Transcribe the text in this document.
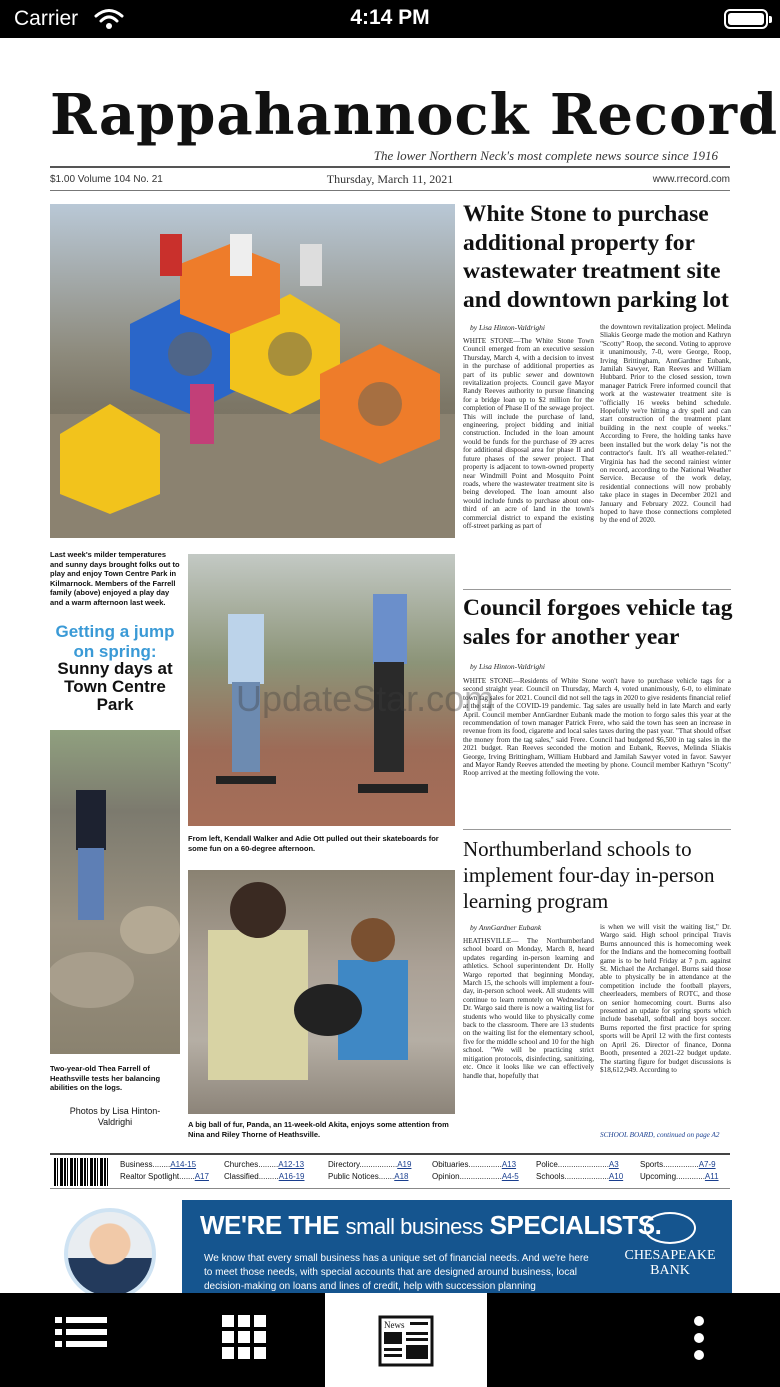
Carrier	4:14 PM
Rappahannock Record
The lower Northern Neck's most complete news source since 1916
$1.00 Volume 104 No. 21	Thursday, March 11, 2021	www.rrecord.com
Last week's milder temperatures and sunny days brought folks out to play and enjoy Town Centre Park in Kilmarnock. Members of the Farrell family (above) enjoyed a play day and a warm afternoon last week.
Getting a jump on spring:
Sunny days at Town Centre Park
From left, Kendall Walker and Adie Ott pulled out their skateboards for some fun on a 60-degree afternoon.
Two-year-old Thea Farrell of Heathsville tests her balancing abilities on the logs.
Photos by Lisa Hinton-Valdrighi	A big ball of fur, Panda, an 11-week-old Akita, enjoys some attention from Nina and Riley Thorne of Heathsville.
White Stone to purchase additional property for wastewater treatment site and downtown parking lot
by Lisa Hinton-Valdrighi
WHITE STONE—The White Stone Town Council emerged from an executive session Thursday, March 4, with a decision to invest in the purchase of additional properties as part of its public sewer and downtown revitalization projects. Council gave Mayor Randy Reeves authority to pursue financing for a bridge loan up to $2 million for the completion of Phase II of the sewage project. This will include the purchase of land, engineering, project bidding and initial construction. Included in the loan amount would be funds for the purchase of 39 acres for additional disposal area for phase II and future phases of the sewer project. That property is adjacent to town-owned property near Windmill Point and Mosquito Point roads, where the wastewater treatment site is being developed. The loan amount also would include funds to purchase about one-third of an acre of land in the town's commercial district to expand the existing off-street parking as part of
the downtown revitalization project. Melinda Sliakis George made the motion and Kathryn "Scotty" Roop, the second. Voting to approve it unanimously, 7-0, were George, Roop, Irving Brittingham, AnnGardner Eubank, Jamilah Sawyer, Ran Reeves and William Hubbard. Prior to the closed session, town manager Patrick Frere informed council that work at the wastewater treatment site is "officially 16 weeks behind schedule. Hopefully we're hitting a dry spell and can start construction of the treatment plant building in the next couple of weeks." According to Frere, the holding tanks have been installed but the work delay "is not the contractor's fault. It's all weather-related." Virginia has had the second rainiest winter on record, according to the National Weather Service. Because of the work delay, residential connections will now probably take place in stages in December 2021 and January and February 2022. Council had hoped to have those connections completed by the end of 2020.
Council forgoes vehicle tag sales for another year
by Lisa Hinton-Valdrighi
WHITE STONE—Residents of White Stone won't have to purchase vehicle tags for a second straight year. Council on Thursday, March 4, voted unanimously, 6-0, to eliminate town tag sales for 2021. Council did not sell the tags in 2020 to give residents financial relief at the start of the COVID-19 pandemic. Tag sales are usually held in late March and early April. Council member AnnGardner Eubank made the motion to forgo sales this year at the recommendation of town manager Patrick Frere, who said the town has seen an increase in revenue from its food, cigarette and local sales taxes during the past year. "That should offset the money from the tag sales," said Frere. Council had budgeted $6,500 in tag sales in the 2021 budget. Ran Reeves seconded the motion and Eubank, Reeves, Melinda Sliakis George, Irving Brittingham, William Hubbard and Jamilah Sawyer voted in favor. Sawyer and Mayor Randy Reeves attended the meeting by phone. Council member Kathryn "Scotty" Roop arrived at the meeting following the vote.
Northumberland schools to implement four-day in-person learning program
by AnnGardner Eubank
HEATHSVILLE— The Northumberland school board on Monday, March 8, heard updates regarding in-person learning and athletics. School superintendent Dr. Holly Wargo reported that beginning Monday, March 15, the schools will implement a four-day, in-person school week. All students will continue to learn remotely on Wednesdays. Dr. Wargo said there is now a waiting list for students who would like to physically come back to the classroom. There are 13 students on the waiting list for the elementary school, five for the middle school and 10 for the high school. "We will be practicing strict mitigation protocols, disinfecting, sanitizing, etc. Once it looks like we can effectively handle that, hopefully that
is when we will visit the waiting list," Dr. Wargo said. High school principal Travis Burns announced this is homecoming week for the Indians and the homecoming football game is to be held Friday at 7 p.m. against St. Michael the Archangel. Burns said those able to physically be in attendance at the competition include the football players, cheerleaders, members of ROTC, and those on senior homecoming court. Burns also presented an update for spring sports which include baseball, softball and boys soccer. Burns reported the first practice for spring sports will be April 12 with the first contests on April 26. Director of finance, Donna Booth, presented a 2021-22 budget update. The starting figure for budget discussions is $18,612,949. According to
SCHOOL BOARD, continued on page A2
UpdateStar.com
Business........A14-15
Realtor Spotlight.......A17
Churches.........A12-13
Classified.........A16-19
Directory.................A19
Public Notices.......A18
Obituaries...............A13
Opinion...................A4-5
Police.......................A3
Schools....................A10
Sports................A7-9
Upcoming.............A11
WE'RE THE small business SPECIALISTS.
We know that every small business has a unique set of financial needs. And we're here to meet those needs, with special accounts that are designed around business, local decision-making on loans and lines of credit, help with succession planning
CHESAPEAKE
BANK
News
